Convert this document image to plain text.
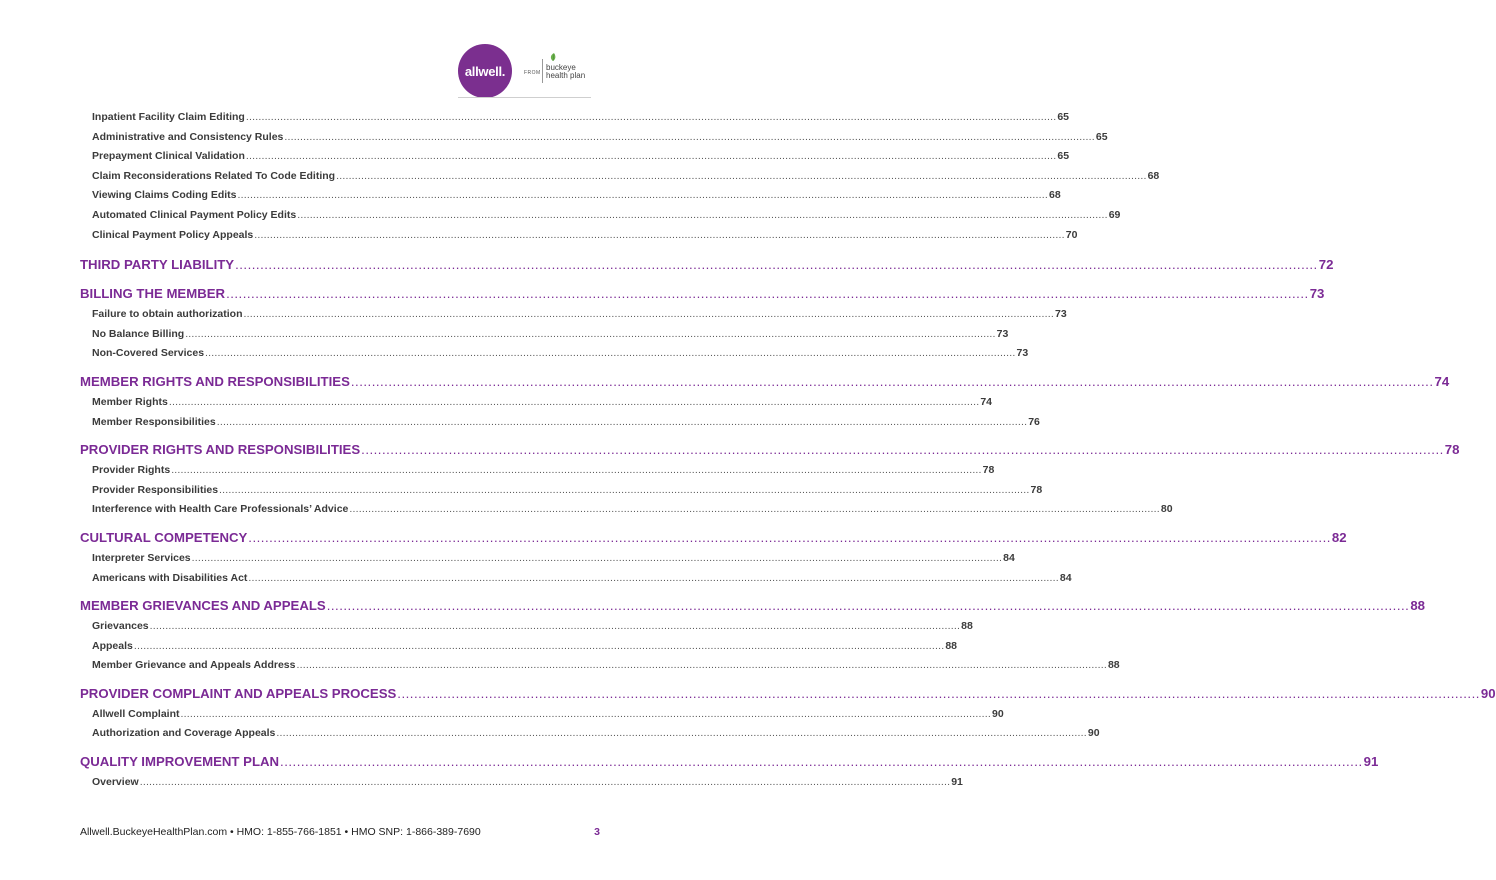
allwell.	FROM
buckeye
health plan
Inpatient Facility Claim Editing .................................................................................................................................................................................................................................................................... 65
Administrative and Consistency Rules .................................................................................................................................................................................................................................................................... 65
Prepayment Clinical Validation .................................................................................................................................................................................................................................................................... 65
Claim Reconsiderations Related To Code Editing .................................................................................................................................................................................................................................................................... 68
Viewing Claims Coding Edits .................................................................................................................................................................................................................................................................... 68
Automated Clinical Payment Policy Edits .................................................................................................................................................................................................................................................................... 69
Clinical Payment Policy Appeals .................................................................................................................................................................................................................................................................... 70
THIRD PARTY LIABILITY .................................................................................................................................................................................................................................................................... 72
BILLING THE MEMBER .................................................................................................................................................................................................................................................................... 73
Failure to obtain authorization .................................................................................................................................................................................................................................................................... 73
No Balance Billing .................................................................................................................................................................................................................................................................... 73
Non-Covered Services .................................................................................................................................................................................................................................................................... 73
MEMBER RIGHTS AND RESPONSIBILITIES .................................................................................................................................................................................................................................................................... 74
Member Rights .................................................................................................................................................................................................................................................................... 74
Member Responsibilities .................................................................................................................................................................................................................................................................... 76
PROVIDER RIGHTS AND RESPONSIBILITIES .................................................................................................................................................................................................................................................................... 78
Provider Rights .................................................................................................................................................................................................................................................................... 78
Provider Responsibilities .................................................................................................................................................................................................................................................................... 78
Interference with Health Care Professionals’ Advice .................................................................................................................................................................................................................................................................... 80
CULTURAL COMPETENCY .................................................................................................................................................................................................................................................................... 82
Interpreter Services .................................................................................................................................................................................................................................................................... 84
Americans with Disabilities Act .................................................................................................................................................................................................................................................................... 84
MEMBER GRIEVANCES AND APPEALS .................................................................................................................................................................................................................................................................... 88
Grievances .................................................................................................................................................................................................................................................................... 88
Appeals .................................................................................................................................................................................................................................................................... 88
Member Grievance and Appeals Address .................................................................................................................................................................................................................................................................... 88
PROVIDER COMPLAINT AND APPEALS PROCESS .................................................................................................................................................................................................................................................................... 90
Allwell Complaint .................................................................................................................................................................................................................................................................... 90
Authorization and Coverage Appeals .................................................................................................................................................................................................................................................................... 90
QUALITY IMPROVEMENT PLAN .................................................................................................................................................................................................................................................................... 91
Overview .................................................................................................................................................................................................................................................................... 91
Allwell.BuckeyeHealthPlan.com • HMO: 1-855-766-1851 • HMO SNP: 1-866-389-7690	3
